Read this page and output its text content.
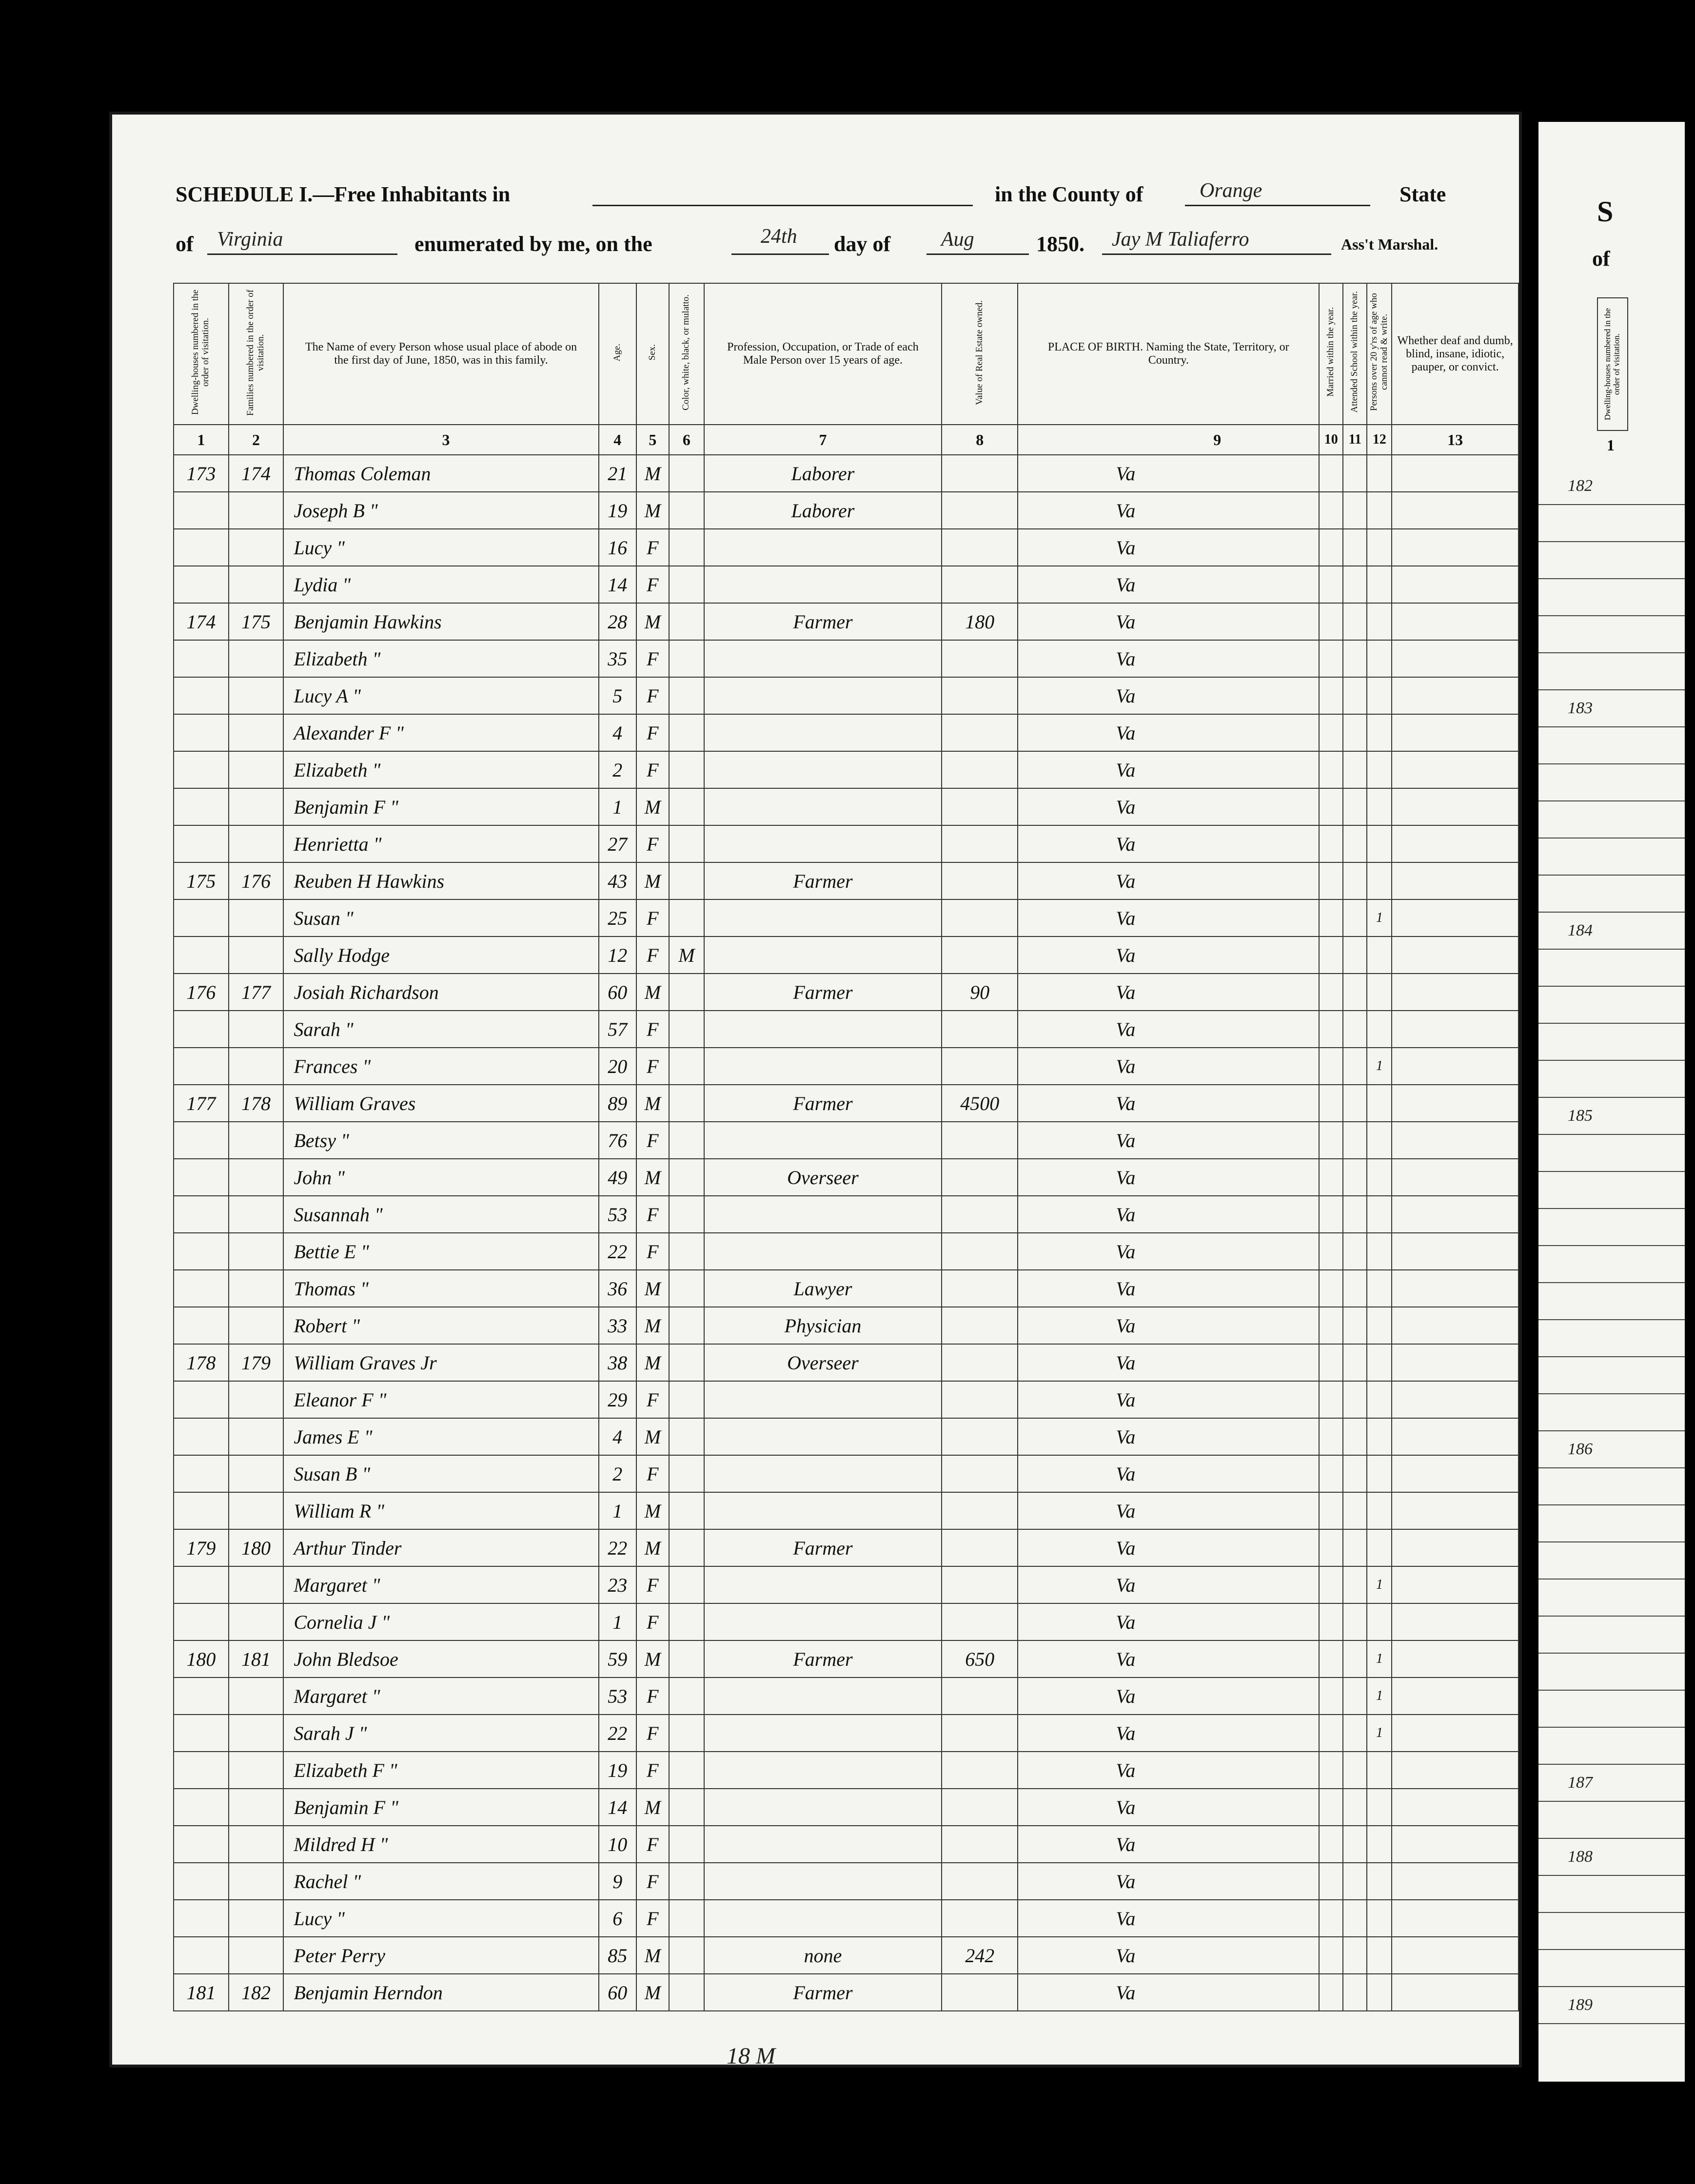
SCHEDULE I.—Free Inhabitants in	in the County of	Orange	State
of Virginia	enumerated by me, on the	24th day of Aug	1850. Jay M Taliaferro	Ass't Marshal.
Dwelling-houses numbered in the order of visitation.	Families numbered in the order of visitation.	The Name of every Person whose usual place of abode on the first day of June, 1850, was in this family.	Age.	Sex.	Color, white, black, or mulatto.	Profession, Occupation, or Trade of each Male Person over 15 years of age.	Value of Real Estate owned.	PLACE OF BIRTH. Naming the State, Territory, or Country.	Married within the year.	Attended School within the year.	Persons over 20 y'rs of age who cannot read & write.	Whether deaf and dumb, blind, insane, idiotic, pauper, or convict.
1	2	3	4	5	6	7	8	9	10	11	12	13
173	174	Thomas Coleman	21	M		Laborer		Va				
		Joseph B "	19	M		Laborer		Va				
		Lucy "	16	F				Va				
		Lydia "	14	F				Va				
174	175	Benjamin Hawkins	28	M		Farmer	180	Va				
		Elizabeth "	35	F				Va				
		Lucy A "	5	F				Va				
		Alexander F "	4	F				Va				
		Elizabeth "	2	F				Va				
		Benjamin F "	1	M				Va				
		Henrietta "	27	F				Va				
175	176	Reuben H Hawkins	43	M		Farmer		Va				
		Susan "	25	F				Va			1	
		Sally Hodge	12	F	M			Va				
176	177	Josiah Richardson	60	M		Farmer	90	Va				
		Sarah "	57	F				Va				
		Frances "	20	F				Va			1	
177	178	William Graves	89	M		Farmer	4500	Va				
		Betsy "	76	F				Va				
		John "	49	M		Overseer		Va				
		Susannah "	53	F				Va				
		Bettie E "	22	F				Va				
		Thomas "	36	M		Lawyer		Va				
		Robert "	33	M		Physician		Va				
178	179	William Graves Jr	38	M		Overseer		Va				
		Eleanor F "	29	F				Va				
		James E "	4	M				Va				
		Susan B "	2	F				Va				
		William R "	1	M				Va				
179	180	Arthur Tinder	22	M		Farmer		Va				
		Margaret "	23	F				Va			1	
		Cornelia J "	1	F				Va				
180	181	John Bledsoe	59	M		Farmer	650	Va			1	
		Margaret "	53	F				Va			1	
		Sarah J "	22	F				Va			1	
		Elizabeth F "	19	F				Va				
		Benjamin F "	14	M				Va				
		Mildred H "	10	F				Va				
		Rachel "	9	F				Va				
		Lucy "	6	F				Va				
		Peter Perry	85	M		none	242	Va				
181	182	Benjamin Herndon	60	M		Farmer		Va				
18 M
S
of
Dwelling-houses numbered in the order of visitation.
1
182
183
184
185
186
187
188
189
